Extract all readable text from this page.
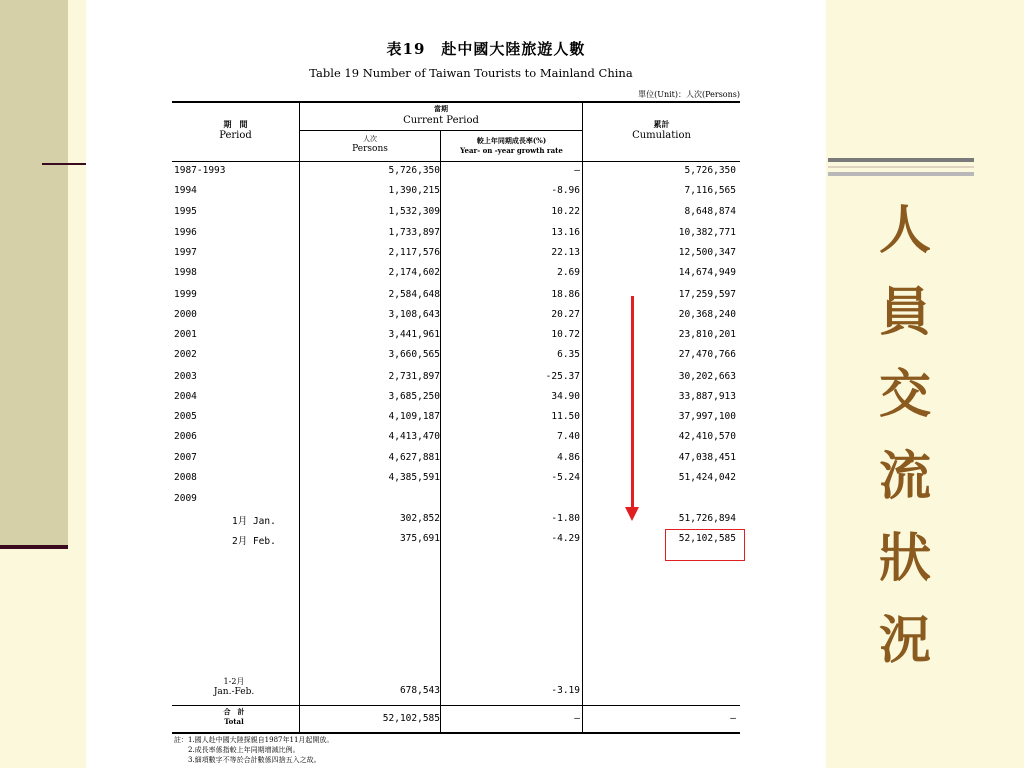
人
員
交
流
狀
況
表19　赴中國大陸旅遊人數
Table 19 Number of Taiwan Tourists to Mainland China
單位(Unit)：人次(Persons)
期　間
Period
當期
Current Period
人次
Persons
較上年同期成長率(%)
Year- on -year growth rate
累計
Cumulation
1987-1993	5,726,350	–	5,726,350
1994	1,390,215	-8.96	7,116,565
1995	1,532,309	10.22	8,648,874
1996	1,733,897	13.16	10,382,771
1997	2,117,576	22.13	12,500,347
1998	2,174,602	2.69	14,674,949
1999	2,584,648	18.86	17,259,597
2000	3,108,643	20.27	20,368,240
2001	3,441,961	10.72	23,810,201
2002	3,660,565	6.35	27,470,766
2003	2,731,897	-25.37	30,202,663
2004	3,685,250	34.90	33,887,913
2005	4,109,187	11.50	37,997,100
2006	4,413,470	7.40	42,410,570
2007	4,627,881	4.86	47,038,451
2008	4,385,591	-5.24	51,424,042
2009
1月 Jan.	302,852	-1.80	51,726,894
2月 Feb.	375,691	-4.29	52,102,585
1-2月
Jan.-Feb.	678,543	-3.19
合　計
Total	52,102,585	–	–
註：1.國人赴中國大陸探親自1987年11月起開放。
　　2.成長率係指較上年同期增減比例。
　　3.細項數字不等於合計數係四捨五入之故。
